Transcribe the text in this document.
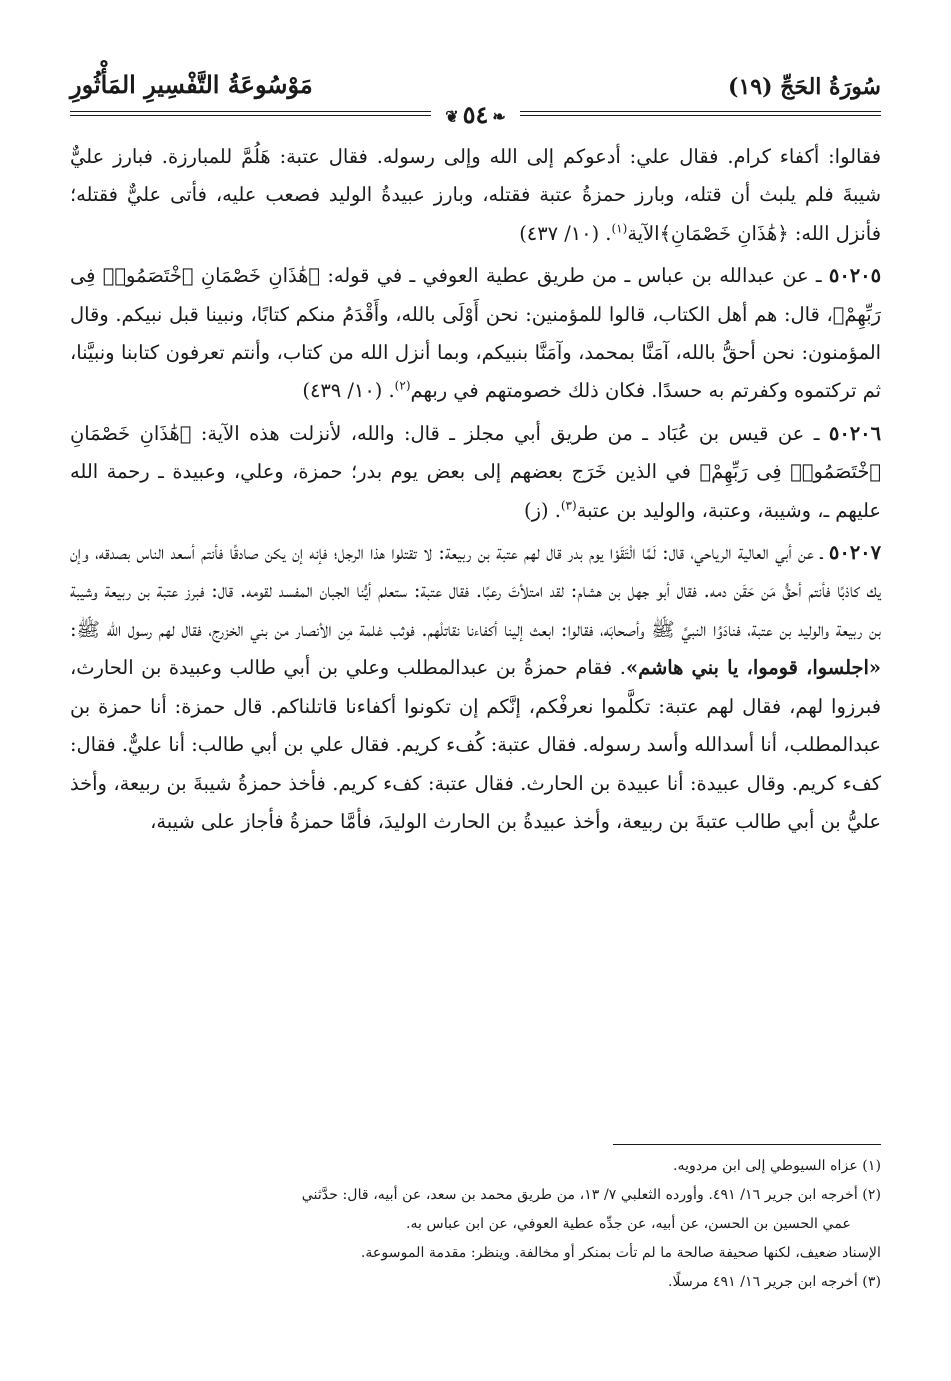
سُورَةُ الحَجِّ (١٩)
مَوْسُوعَةُ التَّفْسِيرِ المَأْثُورِ
❦ ٥٤ ❧

فقالوا: أكفاء كرام. فقال علي: أدعوكم إلى الله وإلى رسوله. فقال عتبة: هَلُمَّ للمبارزة. فبارز عليٌّ شيبةَ فلم يلبث أن قتله، وبارز حمزةُ عتبة فقتله، وبارز عبيدةُ الوليد فصعب عليه، فأتى عليٌّ فقتله؛ فأنزل الله: ﴿هَٰذَانِ خَصْمَانِ﴾الآية$^{(١)}$. (١٠/ ٤٣٧)

٥٠٢٠٥ ـ عن عبدالله بن عباس ـ من طريق عطية العوفي ـ في قوله: ﴿هَٰذَانِ خَصْمَانِ ٱخْتَصَمُوا۟ فِى رَبِّهِمْ﴾، قال: هم أهل الكتاب، قالوا للمؤمنين: نحن أَوْلَى بالله، وأَقْدَمُ منكم كتابًا، ونبينا قبل نبيكم. وقال المؤمنون: نحن أحقُّ بالله، آمَنَّا بمحمد، وآمَنَّا بنبيكم، وبما أنزل الله من كتاب، وأنتم تعرفون كتابنا ونبيَّنا، ثم تركتموه وكفرتم به حسدًا. فكان ذلك خصومتهم في ربهم$^{(٢)}$. (١٠/ ٤٣٩)

٥٠٢٠٦ ـ عن قيس بن عُبَاد ـ من طريق أبي مجلز ـ قال: والله، لأنزلت هذه الآية: ﴿هَٰذَانِ خَصْمَانِ ٱخْتَصَمُوا۟ فِى رَبِّهِمْ﴾ في الذين خَرَج بعضهم إلى بعض يوم بدر؛ حمزة، وعلي، وعبيدة ـ رحمة الله عليهم ـ، وشيبة، وعتبة، والوليد بن عتبة$^{(٣)}$. (ز)

٥٠٢٠٧ ـ عن أبي العالية الرياحي، قال: لَمَّا الْتَقَوْا يوم بدر قال لهم عتبة بن ربيعة: لا تقتلوا هذا الرجل؛ فإنه إن يكن صادقًا فأنتم أسعد الناس بصدقه، وإن يك كاذبًا فأنتم أحقُّ مَن حَقَن دمه. فقال أبو جهل بن هشام: لقد امتلأتَ رعبًا. فقال عتبة: ستعلم أيُّنا الجبان المفسد لقومه. قال: فبرز عتبة بن ربيعة وشيبة بن ربيعة والوليد بن عتبة، فنادَوُا النبيَّ ﷺ وأصحابَه، فقالوا: ابعث إلينا أكفاءنا نقاتلْهم. فوثب غلمة مِن الأنصار من بني الخزرج، فقال لهم رسول الله ﷺ: «اجلسوا، قوموا، يا بني هاشم». فقام حمزةُ بن عبدالمطلب وعلي بن أبي طالب وعبيدة بن الحارث، فبرزوا لهم، فقال لهم عتبة: تكلَّموا نعرفْكم، إنَّكم إن تكونوا أكفاءنا قاتلناكم. قال حمزة: أنا حمزة بن عبدالمطلب، أنا أسدالله وأسد رسوله. فقال عتبة: كُفء كريم. فقال علي بن أبي طالب: أنا عليٌّ. فقال: كفء كريم. وقال عبيدة: أنا عبيدة بن الحارث. فقال عتبة: كفء كريم. فأخذ حمزةُ شيبةَ بن ربيعة، وأخذ عليُّ بن أبي طالب عتبةَ بن ربيعة، وأخذ عبيدةُ بن الحارث الوليدَ، فأمَّا حمزةُ فأجاز على شيبة،

(١) عزاه السيوطي إلى ابن مردويه.

(٢) أخرجه ابن جرير ١٦/ ٤٩١. وأورده الثعلبي ٧/ ١٣، من طريق محمد بن سعد، عن أبيه، قال: حدَّثني

عمي الحسين بن الحسن، عن أبيه، عن جدِّه عطية العوفي، عن ابن عباس به.

الإسناد ضعيف، لكنها صحيفة صالحة ما لم تأت بمنكر أو مخالفة. وينظر: مقدمة الموسوعة.

(٣) أخرجه ابن جرير ١٦/ ٤٩١ مرسلًا.
